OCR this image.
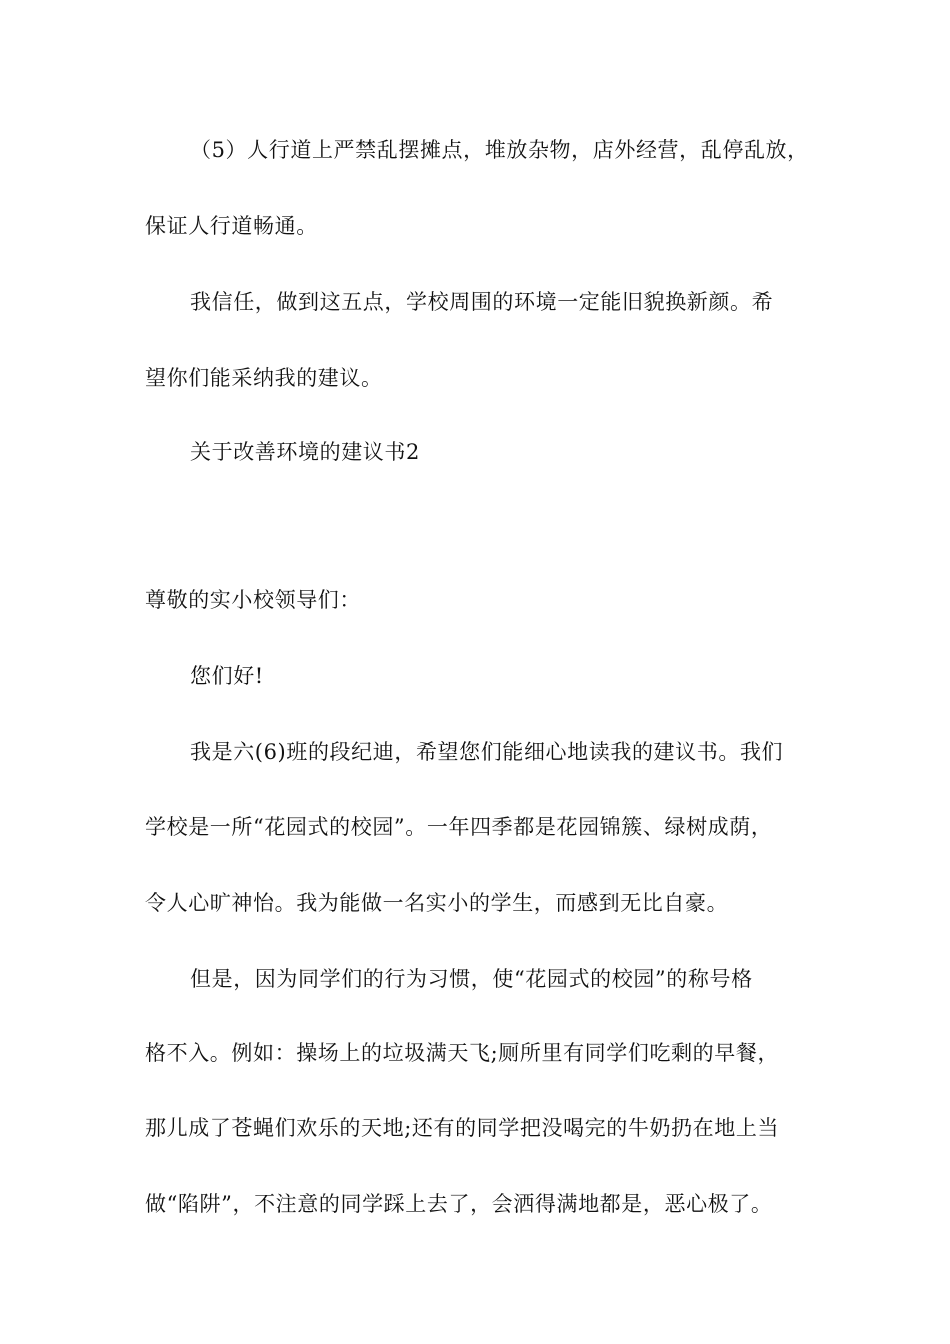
（5）人行道上严禁乱摆摊点，堆放杂物，店外经营，乱停乱放，
保证人行道畅通。
我信任，做到这五点，学校周围的环境一定能旧貌换新颜。希
望你们能采纳我的建议。
关于改善环境的建议书2
尊敬的实小校领导们：
您们好!
我是六(6)班的段纪迪，希望您们能细心地读我的建议书。我们
学校是一所“花园式的校园”。一年四季都是花园锦簇、绿树成荫，
令人心旷神怡。我为能做一名实小的学生，而感到无比自豪。
但是，因为同学们的行为习惯，使“花园式的校园”的称号格
格不入。例如：操场上的垃圾满天飞;厕所里有同学们吃剩的早餐，
那儿成了苍蝇们欢乐的天地;还有的同学把没喝完的牛奶扔在地上当
做“陷阱”，不注意的同学踩上去了，会洒得满地都是，恶心极了。
